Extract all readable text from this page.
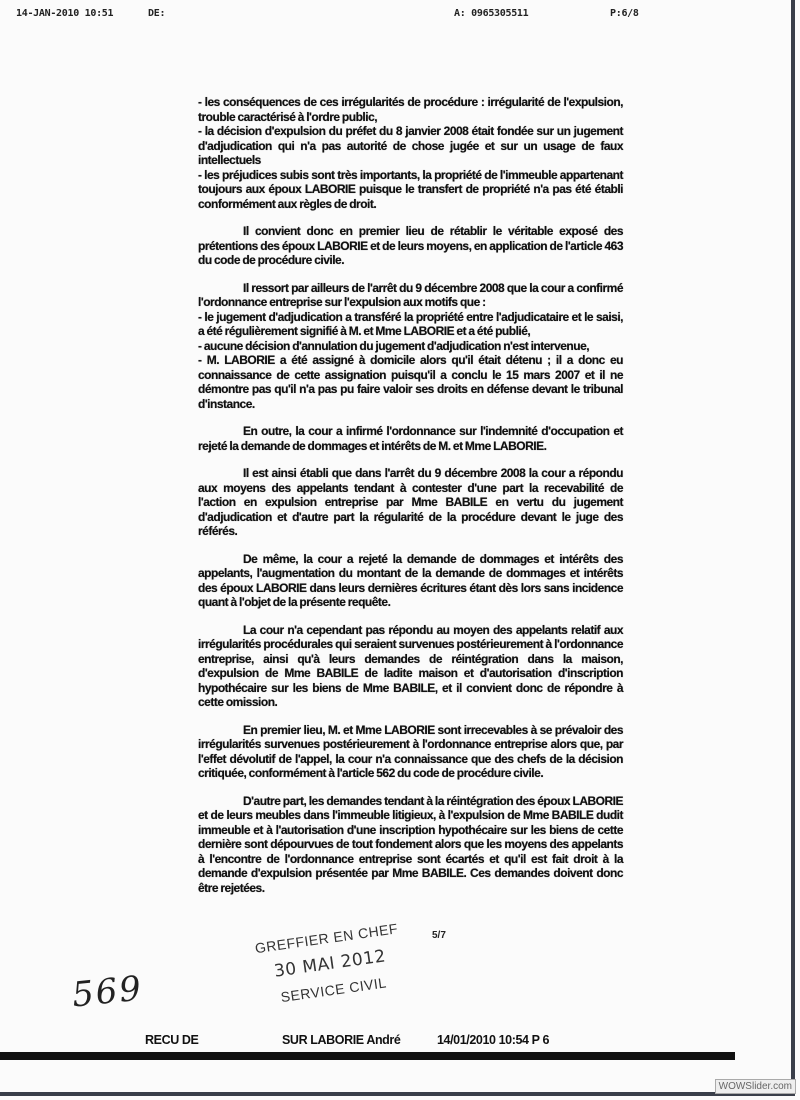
14-JAN-2010 10:51	DE:	A: 0965305511	P:6/8
- les conséquences de ces irrégularités de procédure : irrégularité de l'expulsion, trouble caractérisé à l'ordre public,
- la décision d'expulsion du préfet du 8 janvier 2008 était fondée sur un jugement d'adjudication qui n'a pas autorité de chose jugée et sur un usage de faux intellectuels
- les préjudices subis sont très importants, la propriété de l'immeuble appartenant toujours aux époux LABORIE puisque le transfert de propriété n'a pas été établi conformément aux règles de droit.
Il convient donc en premier lieu de rétablir le véritable exposé des prétentions des époux LABORIE et de leurs moyens, en application de l'article 463 du code de procédure civile.
Il ressort par ailleurs de l'arrêt du 9 décembre 2008 que la cour a confirmé l'ordonnance entreprise sur l'expulsion aux motifs que :
- le jugement d'adjudication a transféré la propriété entre l'adjudicataire et le saisi, a été régulièrement signifié à M. et Mme LABORIE et a été publié,
- aucune décision d'annulation du jugement d'adjudication n'est intervenue,
- M. LABORIE a été assigné à domicile alors qu'il était détenu ; il a donc eu connaissance de cette assignation puisqu'il a conclu le 15 mars 2007 et il ne démontre pas qu'il n'a pas pu faire valoir ses droits en défense devant le tribunal d'instance.
En outre, la cour a infirmé l'ordonnance sur l'indemnité d'occupation et rejeté la demande de dommages et intérêts de M. et Mme LABORIE.
Il est ainsi établi que dans l'arrêt du 9 décembre 2008 la cour a répondu aux moyens des appelants tendant à contester d'une part la recevabilité de l'action en expulsion entreprise par Mme BABILE en vertu du jugement d'adjudication et d'autre part la régularité de la procédure devant le juge des référés.
De même, la cour a rejeté la demande de dommages et intérêts des appelants, l'augmentation du montant de la demande de dommages et intérêts des époux LABORIE dans leurs dernières écritures étant dès lors sans incidence quant à l'objet de la présente requête.
La cour n'a cependant pas répondu au moyen des appelants relatif aux irrégularités procédurales qui seraient survenues postérieurement à l'ordonnance entreprise, ainsi qu'à leurs demandes de réintégration dans la maison, d'expulsion de Mme BABILE de ladite maison et d'autorisation d'inscription hypothécaire sur les biens de Mme BABILE, et il convient donc de répondre à cette omission.
En premier lieu, M. et Mme LABORIE sont irrecevables à se prévaloir des irrégularités survenues postérieurement à l'ordonnance entreprise alors que, par l'effet dévolutif de l'appel, la cour n'a connaissance que des chefs de la décision critiquée, conformément à l'article 562 du code de procédure civile.
D'autre part, les demandes tendant à la réintégration des époux LABORIE et de leurs meubles dans l'immeuble litigieux, à l'expulsion de Mme BABILE dudit immeuble et à l'autorisation d'une inscription hypothécaire sur les biens de cette dernière sont dépourvues de tout fondement alors que les moyens des appelants à l'encontre de l'ordonnance entreprise sont écartés et qu'il est fait droit à la demande d'expulsion présentée par Mme BABILE. Ces demandes doivent donc être rejetées.
GREFFIER EN CHEF
30 MAI 2012
SERVICE CIVIL
5/7
569
RECU DE	SUR LABORIE André	14/01/2010 10:54 P 6
WOWSlider.com
